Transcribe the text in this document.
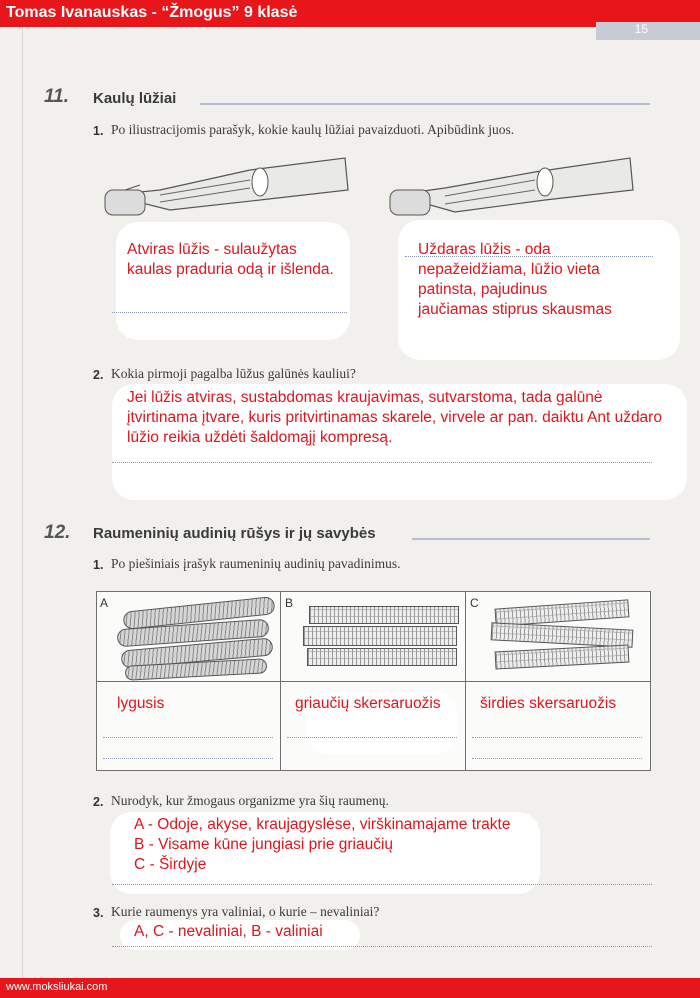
Tomas Ivanauskas - “Žmogus” 9 klasė
15
11. Kaulų lūžiai
1. Po iliustracijomis parašyk, kokie kaulų lūžiai pavaizduoti. Apibūdink juos.
Atviras lūžis - sulaužytas kaulas praduria odą ir išlenda.
Uždaras lūžis - oda nepažeidžiama, lūžio vieta patinsta, pajudinus jaučiamas stiprus skausmas
2. Kokia pirmoji pagalba lūžus galūnės kauliui?
Jei lūžis atviras, sustabdomas kraujavimas, sutvarstoma, tada galūnė įtvirtinama įtvare, kuris pritvirtinamas skarele, virvele ar pan. daiktu Ant uždaro lūžio reikia uždėti šaldomąjį kompresą.
12. Raumeninių audinių rūšys ir jų savybės
1. Po piešiniais įrašyk raumeninių audinių pavadinimus.
A	B	C
lygusis	griaučių skersaruožis	širdies skersaruožis
2. Nurodyk, kur žmogaus organizme yra šių raumenų.
A - Odoje, akyse, kraujagyslėse, virškinamajame trakte
B - Visame kūne jungiasi prie griaučių
C - Širdyje
3. Kurie raumenys yra valiniai, o kurie – nevaliniai?
A, C - nevaliniai, B - valiniai
www.moksliukai.com
